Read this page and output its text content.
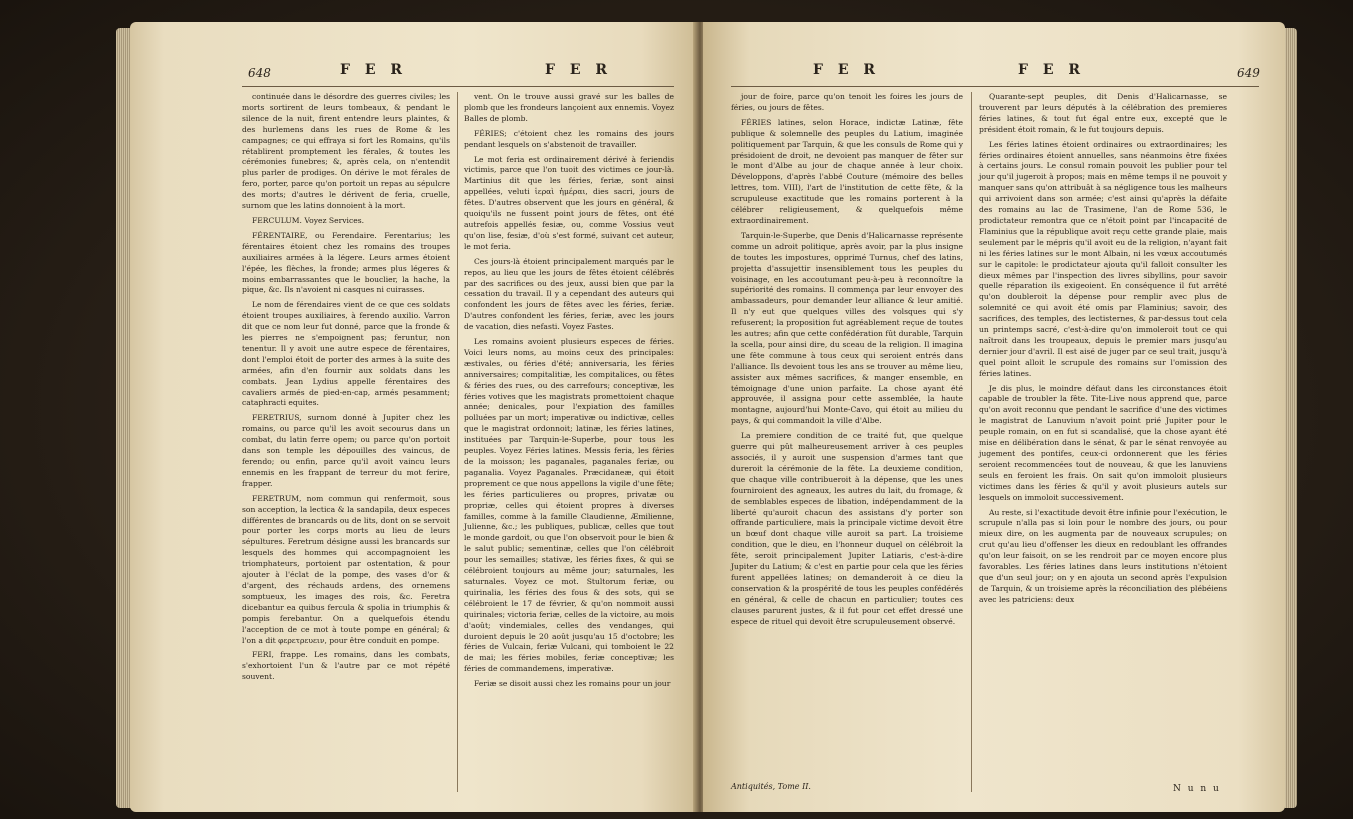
648	F E R	F E R

continuée dans le désordre des guerres civiles; les morts sortirent de leurs tombeaux, & pendant le silence de la nuit, firent entendre leurs plaintes, & des hurlemens dans les rues de Rome & les campagnes; ce qui effraya si fort les Romains, qu'ils rétablirent promptement les férales, & toutes les cérémonies funebres; &, après cela, on n'entendit plus parler de prodiges. On dérive le mot férales de fero, porter, parce qu'on portoit un repas au sépulcre des morts; d'autres le dérivent de feria, cruelle, surnom que les latins donnoient à la mort.

FERCULUM. Voyez Services.

FÉRENTAIRE, ou Ferendaire. Ferentarius; les férentaires étoient chez les romains des troupes auxiliaires armées à la légere. Leurs armes étoient l'épée, les flèches, la fronde; armes plus légeres & moins embarrassantes que le bouclier, la hache, la pique, &c. Ils n'avoient ni casques ni cuirasses.

Le nom de férendaires vient de ce que ces soldats étoient troupes auxiliaires, à ferendo auxilio. Varron dit que ce nom leur fut donné, parce que la fronde & les pierres ne s'empoignent pas; feruntur, non tenentur. Il y avoit une autre espece de férentaires, dont l'emploi étoit de porter des armes à la suite des armées, afin d'en fournir aux soldats dans les combats. Jean Lydius appelle férentaires des cavaliers armés de pied-en-cap, armés pesamment; cataphracti equites.

FERETRIUS, surnom donné à Jupiter chez les romains, ou parce qu'il les avoit secourus dans un combat, du latin ferre opem; ou parce qu'on portoit dans son temple les dépouilles des vaincus, de ferendo; ou enfin, parce qu'il avoit vaincu leurs ennemis en les frappant de terreur du mot ferire, frapper.

FERETRUM, nom commun qui renfermoit, sous son acception, la lectica & la sandapila, deux especes différentes de brancards ou de lits, dont on se servoit pour porter les corps morts au lieu de leurs sépultures. Feretrum désigne aussi les brancards sur lesquels des hommes qui accompagnoient les triomphateurs, portoient par ostentation, & pour ajouter à l'éclat de la pompe, des vases d'or & d'argent, des réchauds ardens, des ornemens somptueux, les images des rois, &c. Feretra dicebantur ea quibus fercula & spolia in triumphis & pompis ferebantur. On a quelquefois étendu l'acception de ce mot à toute pompe en général; & l'on a dit φερετρευειν, pour être conduit en pompe.

FERI, frappe. Les romains, dans les combats, s'exhortoient l'un & l'autre par ce mot répété souvent.

vent. On le trouve aussi gravé sur les balles de plomb que les frondeurs lançoient aux ennemis. Voyez Balles de plomb.

FÉRIES; c'étoient chez les romains des jours pendant lesquels on s'abstenoit de travailler.

Le mot feria est ordinairement dérivé à feriendis victimis, parce que l'on tuoit des victimes ce jour-là. Martinius dit que les féries, feriæ, sont ainsi appellées, veluti ἱεραὶ ἡμέραι, dies sacri, jours de fêtes. D'autres observent que les jours en général, & quoiqu'ils ne fussent point jours de fêtes, ont été autrefois appellés fesiæ, ou, comme Vossius veut qu'on lise, fesiæ, d'où s'est formé, suivant cet auteur, le mot feria.

Ces jours-là étoient principalement marqués par le repos, au lieu que les jours de fêtes étoient célébrés par des sacrifices ou des jeux, aussi bien que par la cessation du travail. Il y a cependant des auteurs qui confondent les jours de fêtes avec les féries, feriæ. D'autres confondent les féries, feriæ, avec les jours de vacation, dies nefasti. Voyez Fastes.

Les romains avoient plusieurs especes de féries. Voici leurs noms, au moins ceux des principales: æstivales, ou féries d'été; anniversaria, les féries anniversaires; compitalitiæ, les compitalices, ou fêtes & féries des rues, ou des carrefours; conceptivæ, les féries votives que les magistrats promettoient chaque année; denicales, pour l'expiation des familles polluées par un mort; imperativæ ou indictivæ, celles que le magistrat ordonnoit; latinæ, les féries latines, instituées par Tarquin-le-Superbe, pour tous les peuples. Voyez Féries latines. Messis feria, les féries de la moisson; les paganales, paganales feriæ, ou paganalia. Voyez Paganales. Præcidaneæ, qui étoit proprement ce que nous appellons la vigile d'une fête; les féries particulieres ou propres, privatæ ou propriæ, celles qui étoient propres à diverses familles, comme à la famille Claudienne, Æmilienne, Julienne, &c.; les publiques, publicæ, celles que tout le monde gardoit, ou que l'on observoit pour le bien & le salut public; sementinæ, celles que l'on célébroit pour les semailles; stativæ, les féries fixes, & qui se célébroient toujours au même jour; saturnales, les saturnales. Voyez ce mot. Stultorum feriæ, ou quirinalia, les féries des fous & des sots, qui se célébroient le 17 de février, & qu'on nommoit aussi quirinales; victoria feriæ, celles de la victoire, au mois d'août; vindemiales, celles des vendanges, qui duroient depuis le 20 août jusqu'au 15 d'octobre; les féries de Vulcain, feriæ Vulcani, qui tomboient le 22 de mai; les féries mobiles, feriæ conceptivæ; les féries de commandemens, imperativæ.

Feriæ se disoit aussi chez les romains pour un jour

F E R	F E R	649

jour de foire, parce qu'on tenoit les foires les jours de féries, ou jours de fêtes.

FÉRIES latines, selon Horace, indictæ Latinæ, fête publique & solemnelle des peuples du Latium, imaginée politiquement par Tarquin, & que les consuls de Rome qui y présidoient de droit, ne devoient pas manquer de fêter sur le mont d'Albe au jour de chaque année à leur choix. Développons, d'après l'abbé Couture (mémoire des belles lettres, tom. VIII), l'art de l'institution de cette fête, & la scrupuleuse exactitude que les romains porterent à la célébrer religieusement, & quelquefois même extraordinairement.

Tarquin-le-Superbe, que Denis d'Halicarnasse représente comme un adroit politique, après avoir, par la plus insigne de toutes les impostures, opprimé Turnus, chef des latins, projetta d'assujettir insensiblement tous les peuples du voisinage, en les accoutumant peu-à-peu à reconnoître la supériorité des romains. Il commença par leur envoyer des ambassadeurs, pour demander leur alliance & leur amitié. Il n'y eut que quelques villes des volsques qui s'y refuserent; la proposition fut agréablement reçue de toutes les autres; afin que cette confédération fût durable, Tarquin la scella, pour ainsi dire, du sceau de la religion. Il imagina une fête commune à tous ceux qui seroient entrés dans l'alliance. Ils devoient tous les ans se trouver au même lieu, assister aux mêmes sacrifices, & manger ensemble, en témoignage d'une union parfaite. La chose ayant été approuvée, il assigna pour cette assemblée, la haute montagne, aujourd'hui Monte-Cavo, qui étoit au milieu du pays, & qui commandoit la ville d'Albe.

La premiere condition de ce traité fut, que quelque guerre qui pût malheureusement arriver à ces peuples associés, il y auroit une suspension d'armes tant que dureroit la cérémonie de la fête. La deuxieme condition, que chaque ville contribueroit à la dépense, que les unes fourniroient des agneaux, les autres du lait, du fromage, & de semblables especes de libation, indépendamment de la liberté qu'auroit chacun des assistans d'y porter son offrande particuliere, mais la principale victime devoit être un bœuf dont chaque ville auroit sa part. La troisieme condition, que le dieu, en l'honneur duquel on célébroit la fête, seroit principalement Jupiter Latiaris, c'est-à-dire Jupiter du Latium; & c'est en partie pour cela que les féries furent appellées latines; on demanderoit à ce dieu la conservation & la prospérité de tous les peuples confédérés en général, & celle de chacun en particulier; toutes ces clauses parurent justes, & il fut pour cet effet dressé une espece de rituel qui devoit être scrupuleusement observé.

Quarante-sept peuples, dit Denis d'Halicarnasse, se trouverent par leurs députés à la célébration des premieres féries latines, & tout fut égal entre eux, excepté que le président étoit romain, & le fut toujours depuis.

Les féries latines étoient ordinaires ou extraordinaires; les féries ordinaires étoient annuelles, sans néanmoins être fixées à certains jours. Le consul romain pouvoit les publier pour tel jour qu'il jugeroit à propos; mais en même temps il ne pouvoit y manquer sans qu'on attribuât à sa négligence tous les malheurs qui arrivoient dans son armée; c'est ainsi qu'après la défaite des romains au lac de Trasimene, l'an de Rome 536, le prodictateur remontra que ce n'étoit point par l'incapacité de Flaminius que la république avoit reçu cette grande plaie, mais seulement par le mépris qu'il avoit eu de la religion, n'ayant fait ni les féries latines sur le mont Albain, ni les vœux accoutumés sur le capitole: le prodictateur ajouta qu'il falloit consulter les dieux mêmes par l'inspection des livres sibyllins, pour savoir quelle réparation ils exigeoient. En conséquence il fut arrêté qu'on doubleroit la dépense pour remplir avec plus de solemnité ce qui avoit été omis par Flaminius; savoir, des sacrifices, des temples, des lectisternes, & par-dessus tout cela un printemps sacré, c'est-à-dire qu'on immoleroit tout ce qui naîtroit dans les troupeaux, depuis le premier mars jusqu'au dernier jour d'avril. Il est aisé de juger par ce seul trait, jusqu'à quel point alloit le scrupule des romains sur l'omission des féries latines.

Je dis plus, le moindre défaut dans les circonstances étoit capable de troubler la fête. Tite-Live nous apprend que, parce qu'on avoit reconnu que pendant le sacrifice d'une des victimes le magistrat de Lanuvium n'avoit point prié Jupiter pour le peuple romain, on en fut si scandalisé, que la chose ayant été mise en délibération dans le sénat, & par le sénat renvoyée au jugement des pontifes, ceux-ci ordonnerent que les féries seroient recommencées tout de nouveau, & que les lanuviens seuls en feroient les frais. On sait qu'on immoloit plusieurs victimes dans les féries & qu'il y avoit plusieurs autels sur lesquels on immoloit successivement.

Au reste, si l'exactitude devoit être infinie pour l'exécution, le scrupule n'alla pas si loin pour le nombre des jours, ou pour mieux dire, on les augmenta par de nouveaux scrupules; on crut qu'au lieu d'offenser les dieux en redoublant les offrandes qu'on leur faisoit, on se les rendroit par ce moyen encore plus favorables. Les féries latines dans leurs institutions n'étoient que d'un seul jour; on y en ajouta un second après l'expulsion de Tarquin, & un troisieme après la réconciliation des plébéiens avec les patriciens: deux

Antiquités, Tome II.	N u n u
